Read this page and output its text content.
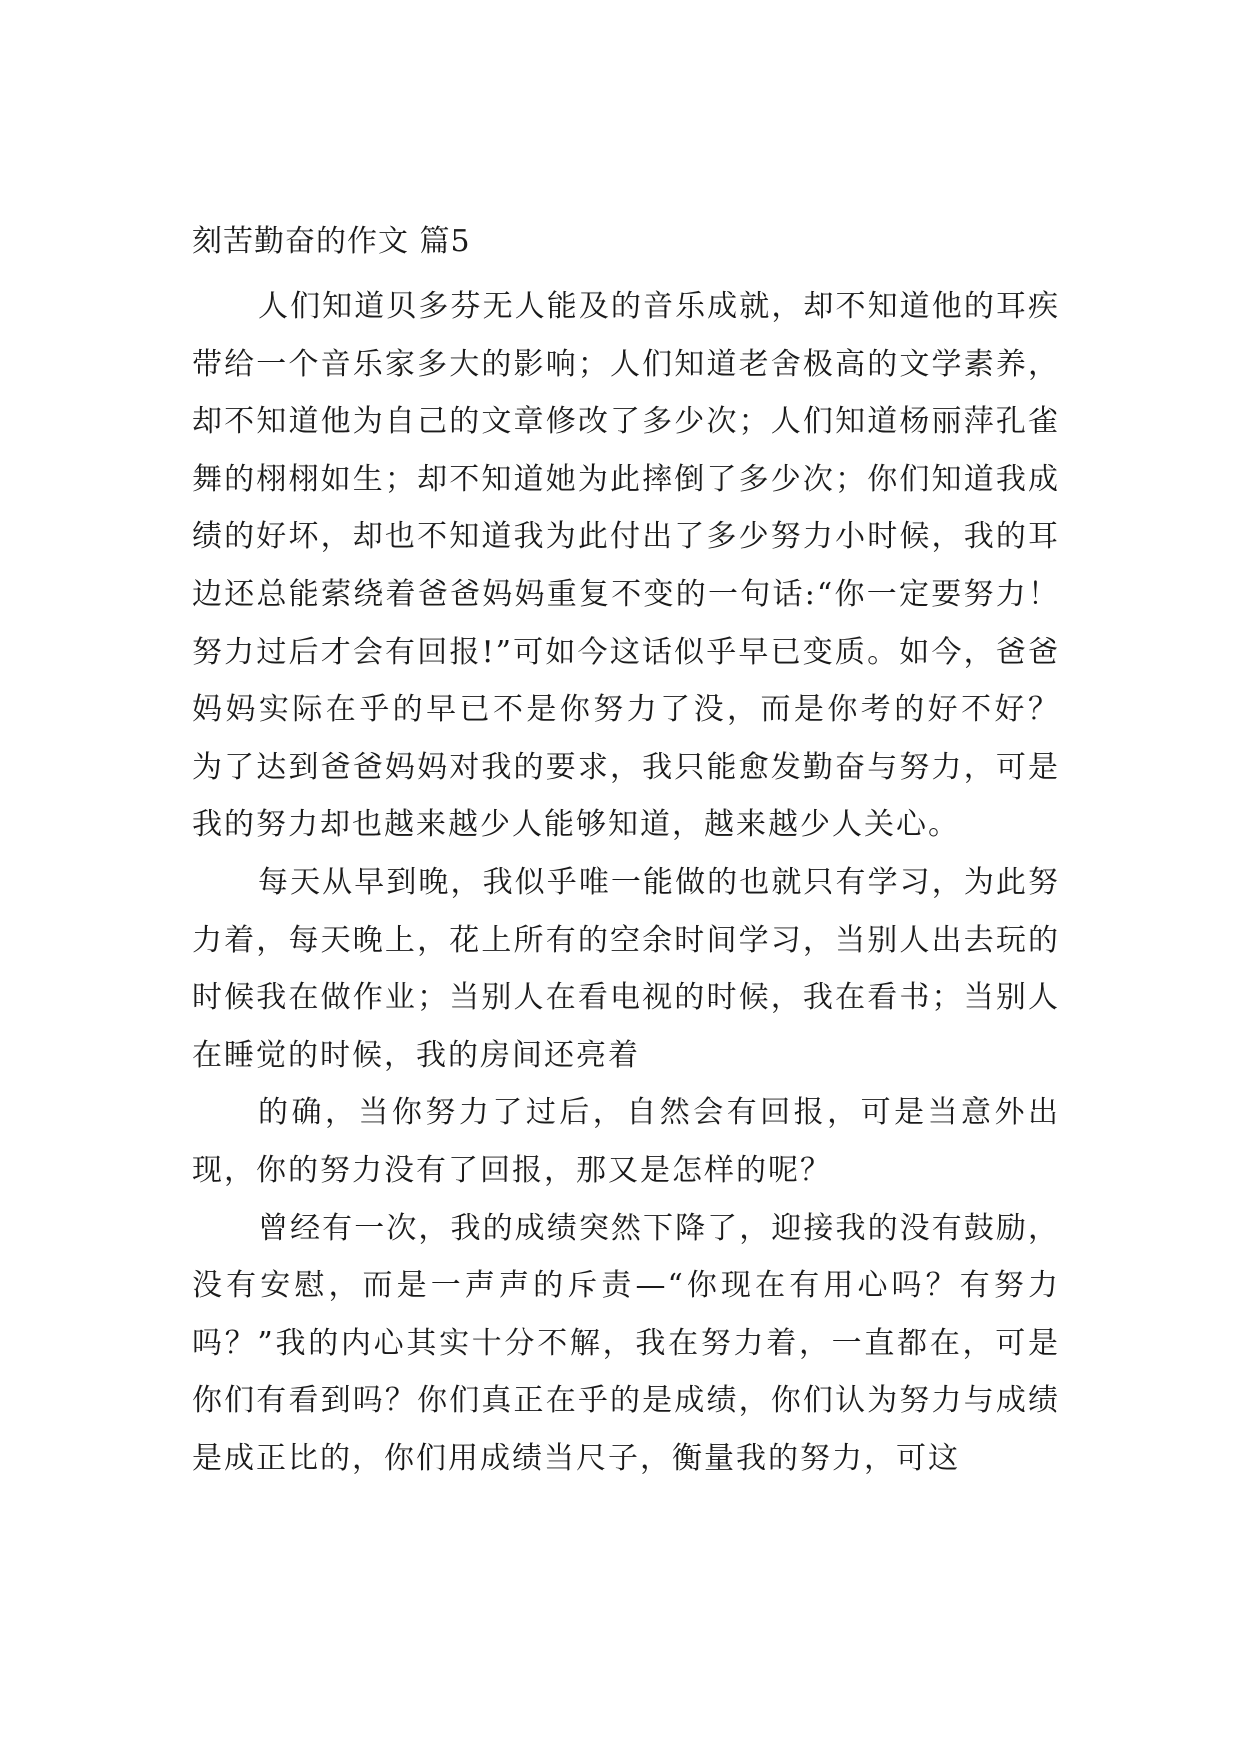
刻苦勤奋的作文 篇5

人们知道贝多芬无人能及的音乐成就，却不知道他的耳疾带给一个音乐家多大的影响；人们知道老舍极高的文学素养，却不知道他为自己的文章修改了多少次；人们知道杨丽萍孔雀舞的栩栩如生；却不知道她为此摔倒了多少次；你们知道我成绩的好坏，却也不知道我为此付出了多少努力小时候，我的耳边还总能萦绕着爸爸妈妈重复不变的一句话:“你一定要努力！努力过后才会有回报!”可如今这话似乎早已变质。如今，爸爸妈妈实际在乎的早已不是你努力了没，而是你考的好不好？ 为了达到爸爸妈妈对我的要求，我只能愈发勤奋与努力，可是我的努力却也越来越少人能够知道，越来越少人关心。

每天从早到晚，我似乎唯一能做的也就只有学习，为此努力着，每天晚上，花上所有的空余时间学习，当别人出去玩的时候我在做作业；当别人在看电视的时候，我在看书；当别人在睡觉的时候，我的房间还亮着

的确，当你努力了过后，自然会有回报，可是当意外出现，你的努力没有了回报，那又是怎样的呢？

曾经有一次，我的成绩突然下降了，迎接我的没有鼓励，没有安慰，而是一声声的斥责—“你现在有用心吗？有努力吗？”我的内心其实十分不解，我在努力着，一直都在，可是你们有看到吗？你们真正在乎的是成绩，你们认为努力与成绩是成正比的，你们用成绩当尺子，衡量我的努力，可这
